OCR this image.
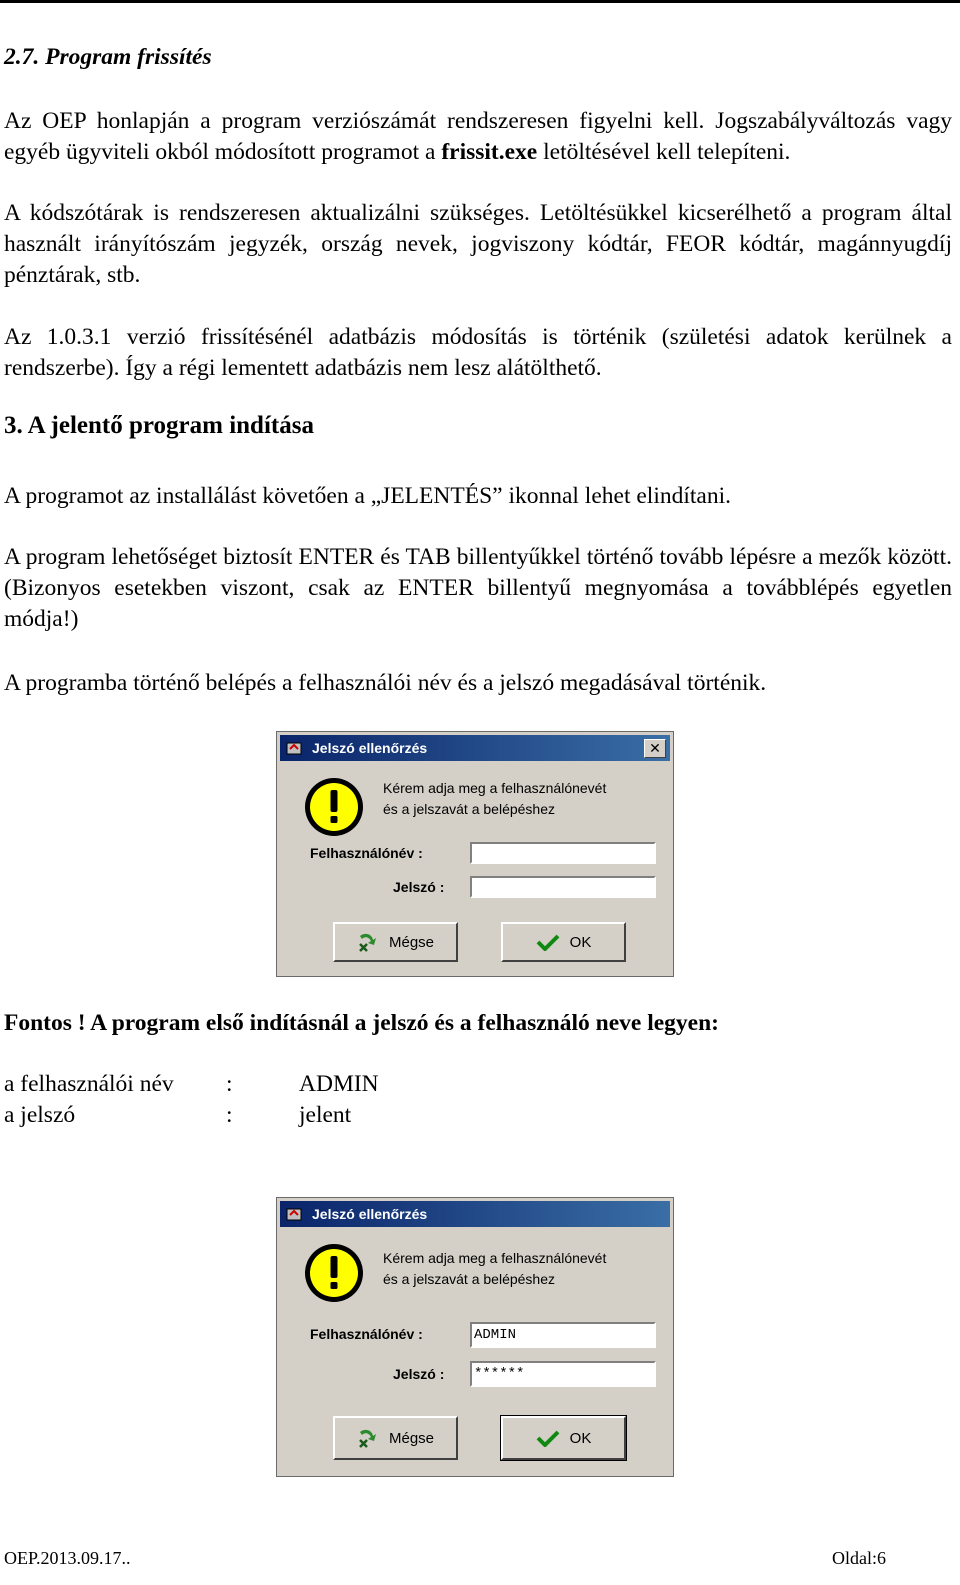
2.7. Program frissítés
Az OEP honlapján a program verziószámát rendszeresen figyelni kell. Jogszabályváltozás vagy egyéb ügyviteli okból módosított programot a frissit.exe letöltésével kell telepíteni.
A kódszótárak is rendszeresen aktualizálni szükséges. Letöltésükkel kicserélhető a program által használt irányítószám jegyzék, ország nevek, jogviszony kódtár, FEOR kódtár, magánnyugdíj pénztárak, stb.
Az 1.0.3.1 verzió frissítésénél adatbázis módosítás is történik (születési adatok kerülnek a rendszerbe). Így a régi lementett adatbázis nem lesz alátölthető.
3. A jelentő program indítása
A programot az installálást követően a „JELENTÉS” ikonnal lehet elindítani.
A program lehetőséget biztosít ENTER és TAB billentyűkkel történő tovább lépésre a mezők között. (Bizonyos esetekben viszont, csak az ENTER billentyű megnyomása a továbblépés egyetlen módja!)
A programba történő belépés a felhasználói név és a jelszó megadásával történik.
Jelszó ellenőrzés	✕
Kérem adja meg a felhasználónevét
és a jelszavát a belépéshez
Felhasználónév :
Jelszó :
Mégse	OK
Fontos ! A program első indításnál a jelszó és a felhasználó neve legyen:
a felhasználói név :	ADMIN
a jelszó	:	jelent
Jelszó ellenőrzés
Kérem adja meg a felhasználónevét
és a jelszavát a belépéshez
Felhasználónév :
ADMIN
Jelszó :
******
Mégse	OK
OEP.2013.09.17..	Oldal:6
